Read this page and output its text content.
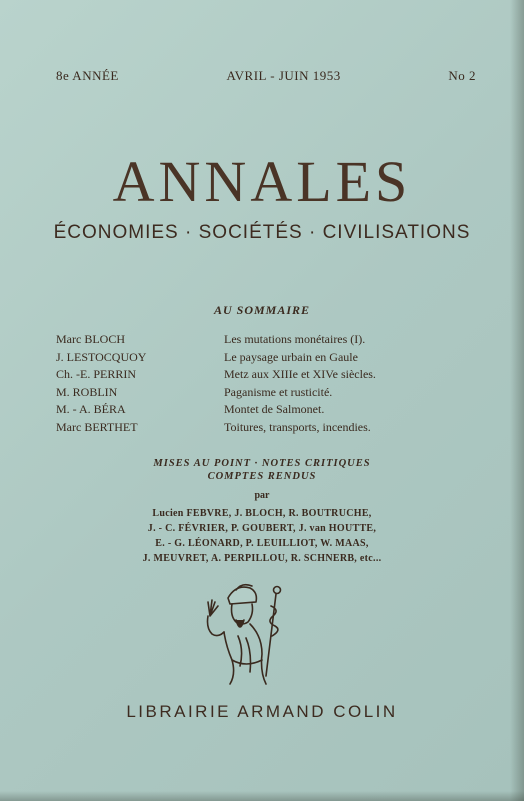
8e ANNÉE	AVRIL - JUIN 1953	No 2
ANNALES
ÉCONOMIES · SOCIÉTÉS · CIVILISATIONS
AU SOMMAIRE
Marc BLOCH	Les mutations monétaires (I).
J. LESTOCQUOY	Le paysage urbain en Gaule
Ch. -E. PERRIN	Metz aux XIIIe et XIVe siècles.
M. ROBLIN	Paganisme et rusticité.
M. - A. BÉRA	Montet de Salmonet.
Marc BERTHET	Toitures, transports, incendies.
MISES AU POINT · NOTES CRITIQUES
COMPTES RENDUS
par
Lucien FEBVRE, J. BLOCH, R. BOUTRUCHE,
J. - C. FÉVRIER, P. GOUBERT, J. van HOUTTE,
E. - G. LÉONARD, P. LEUILLIOT, W. MAAS,
J. MEUVRET, A. PERPILLOU, R. SCHNERB, etc...
LIBRAIRIE ARMAND COLIN
